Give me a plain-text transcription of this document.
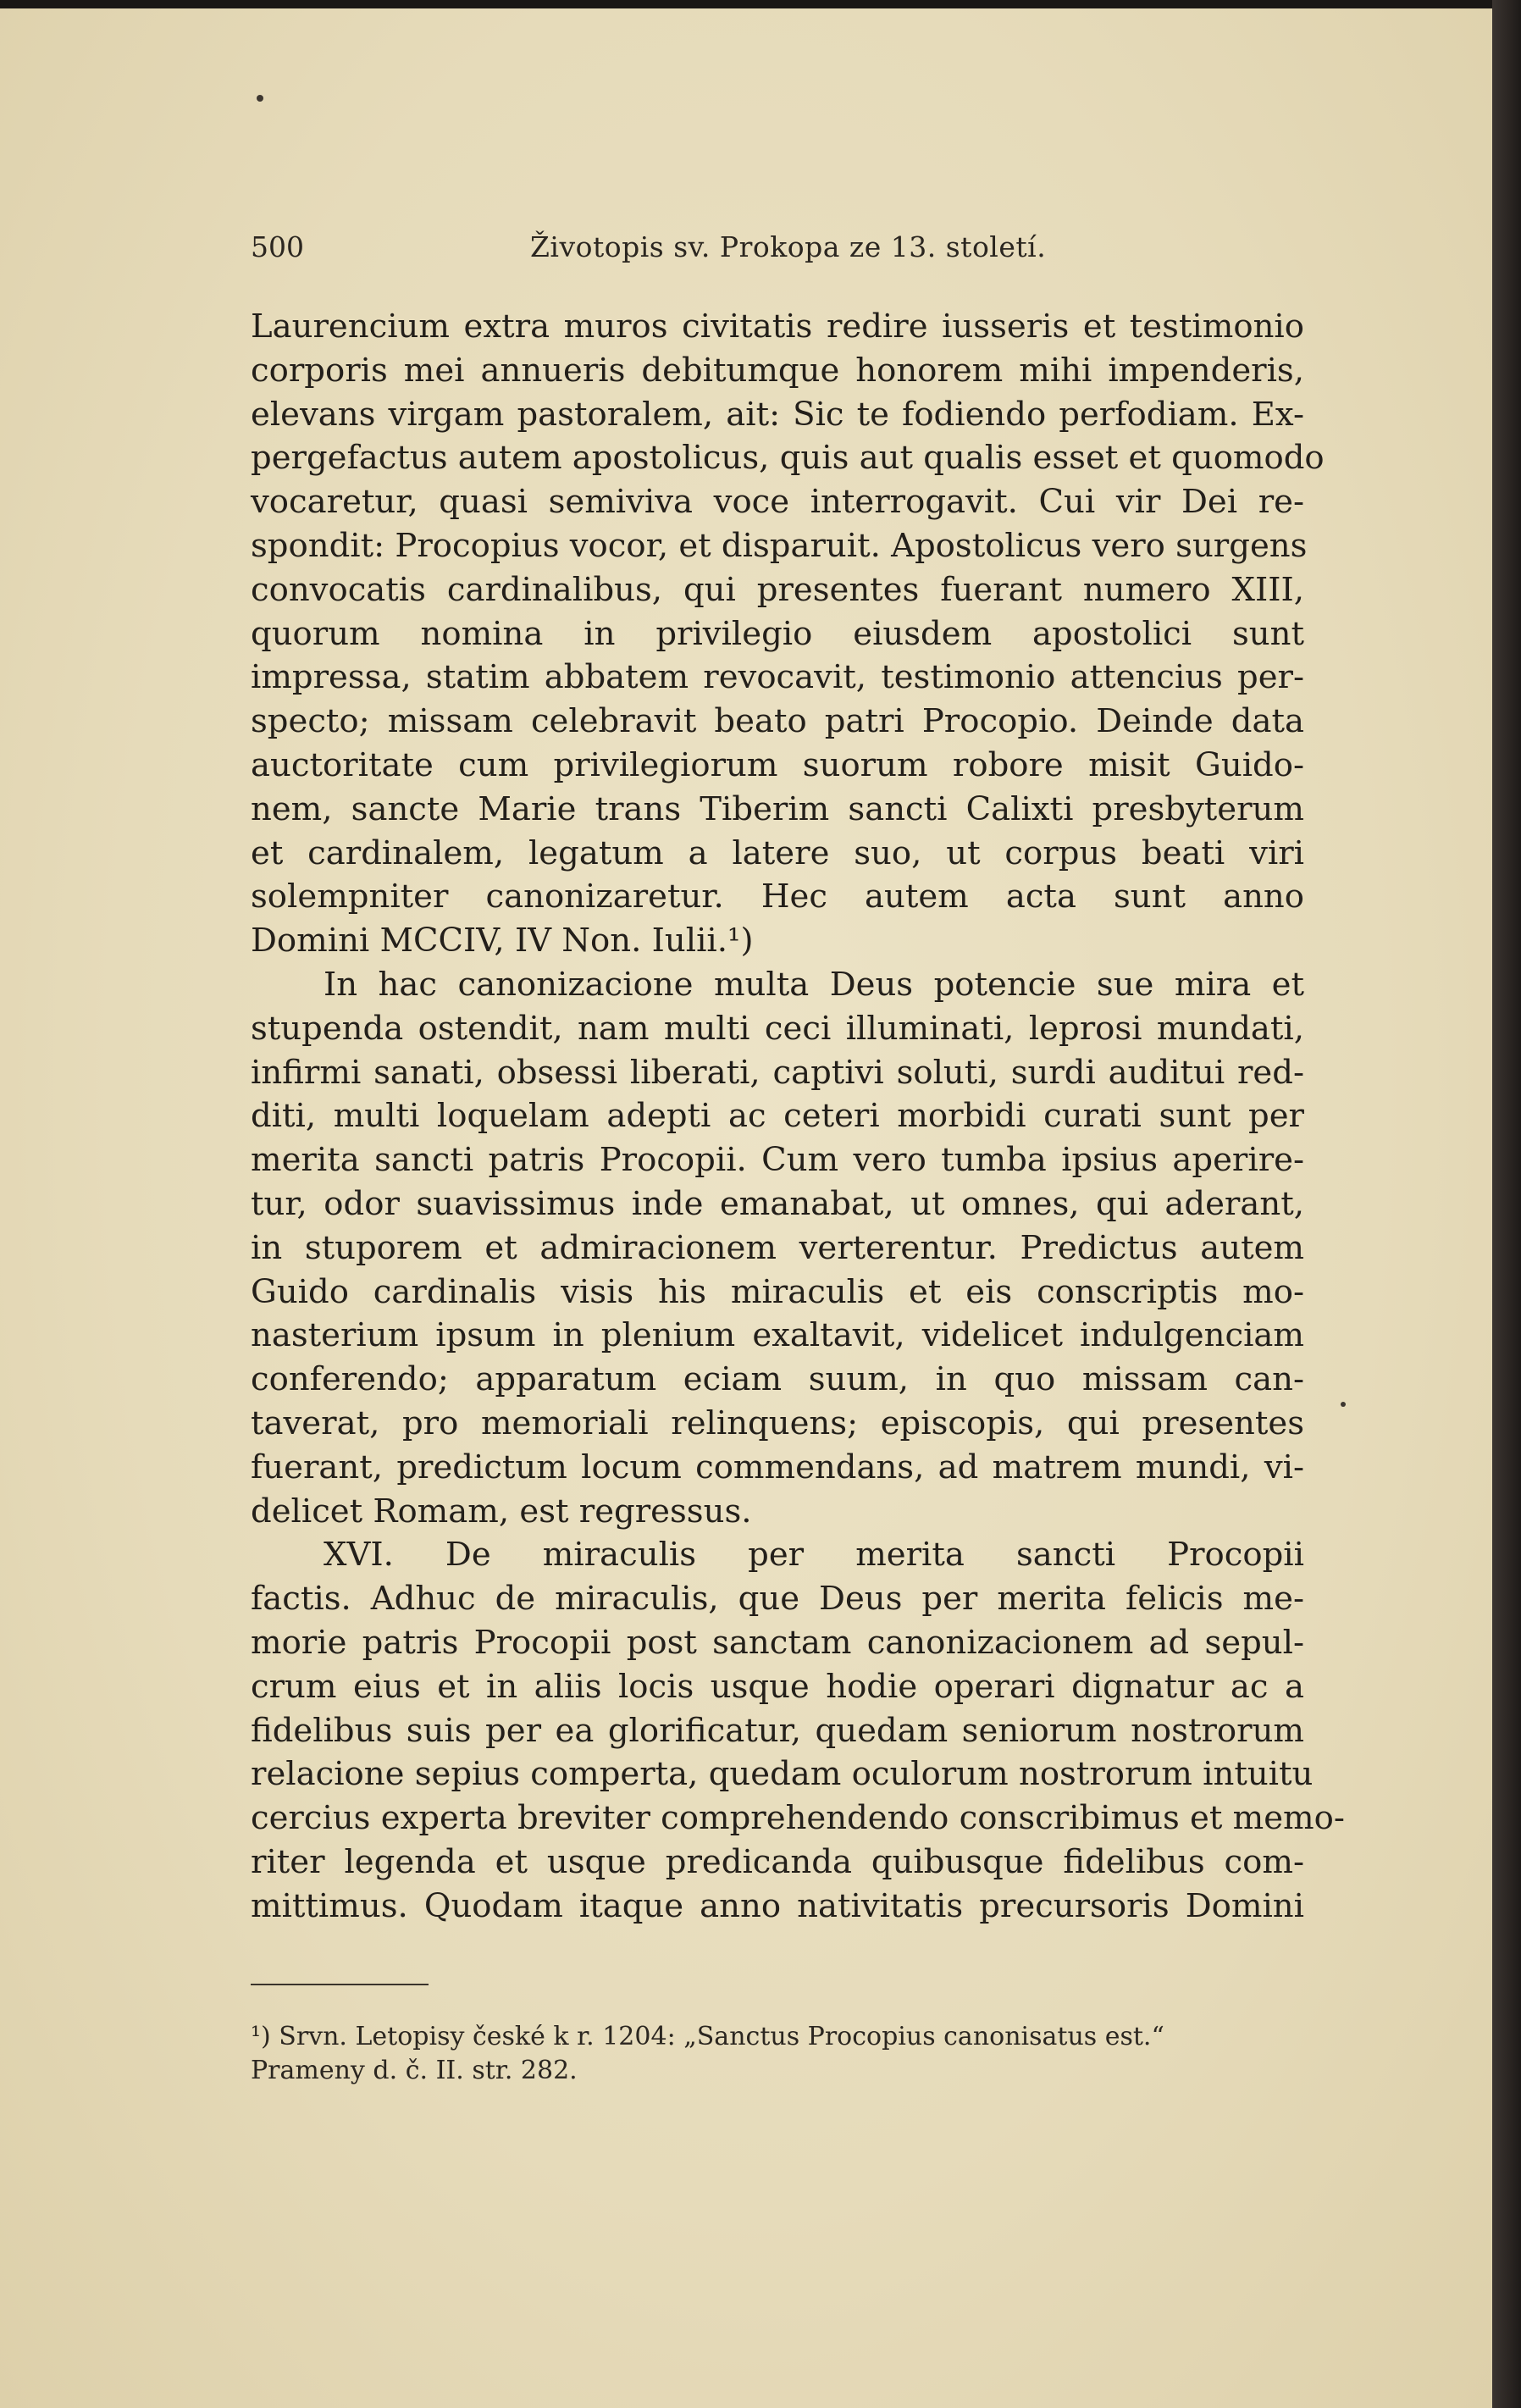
500	Životopis sv. Prokopa ze 13. století.
Laurencium extra muros civitatis redire iusseris et testimonio
corporis mei annueris debitumque honorem mihi impenderis,
elevans virgam pastoralem, ait: Sic te fodiendo perfodiam. Ex-
pergefactus autem apostolicus, quis aut qualis esset et quomodo
vocaretur, quasi semiviva voce interrogavit. Cui vir Dei re-
spondit: Procopius vocor, et disparuit. Apostolicus vero surgens
convocatis cardinalibus, qui presentes fuerant numero XIII,
quorum nomina in privilegio eiusdem apostolici sunt
impressa, statim abbatem revocavit, testimonio attencius per-
specto; missam celebravit beato patri Procopio. Deinde data
auctoritate cum privilegiorum suorum robore misit Guido-
nem, sancte Marie trans Tiberim sancti Calixti presbyterum
et cardinalem, legatum a latere suo, ut corpus beati viri
solempniter canonizaretur. Hec autem acta sunt anno
Domini MCCIV, IV Non. Iulii.¹)
In hac canonizacione multa Deus potencie sue mira et
stupenda ostendit, nam multi ceci illuminati, leprosi mundati,
infirmi sanati, obsessi liberati, captivi soluti, surdi auditui red-
diti, multi loquelam adepti ac ceteri morbidi curati sunt per
merita sancti patris Procopii. Cum vero tumba ipsius aperire-
tur, odor suavissimus inde emanabat, ut omnes, qui aderant,
in stuporem et admiracionem verterentur. Predictus autem
Guido cardinalis visis his miraculis et eis conscriptis mo-
nasterium ipsum in plenium exaltavit, videlicet indulgenciam
conferendo; apparatum eciam suum, in quo missam can-
taverat, pro memoriali relinquens; episcopis, qui presentes
fuerant, predictum locum commendans, ad matrem mundi, vi-
delicet Romam, est regressus.
XVI. De miraculis per merita sancti Procopii
factis. Adhuc de miraculis, que Deus per merita felicis me-
morie patris Procopii post sanctam canonizacionem ad sepul-
crum eius et in aliis locis usque hodie operari dignatur ac a
fidelibus suis per ea glorificatur, quedam seniorum nostrorum
relacione sepius comperta, quedam oculorum nostrorum intuitu
cercius experta breviter comprehendendo conscribimus et memo-
riter legenda et usque predicanda quibusque fidelibus com-
mittimus. Quodam itaque anno nativitatis precursoris Domini
¹) Srvn. Letopisy české k r. 1204: „Sanctus Procopius canonisatus est.“
Prameny d. č. II. str. 282.
